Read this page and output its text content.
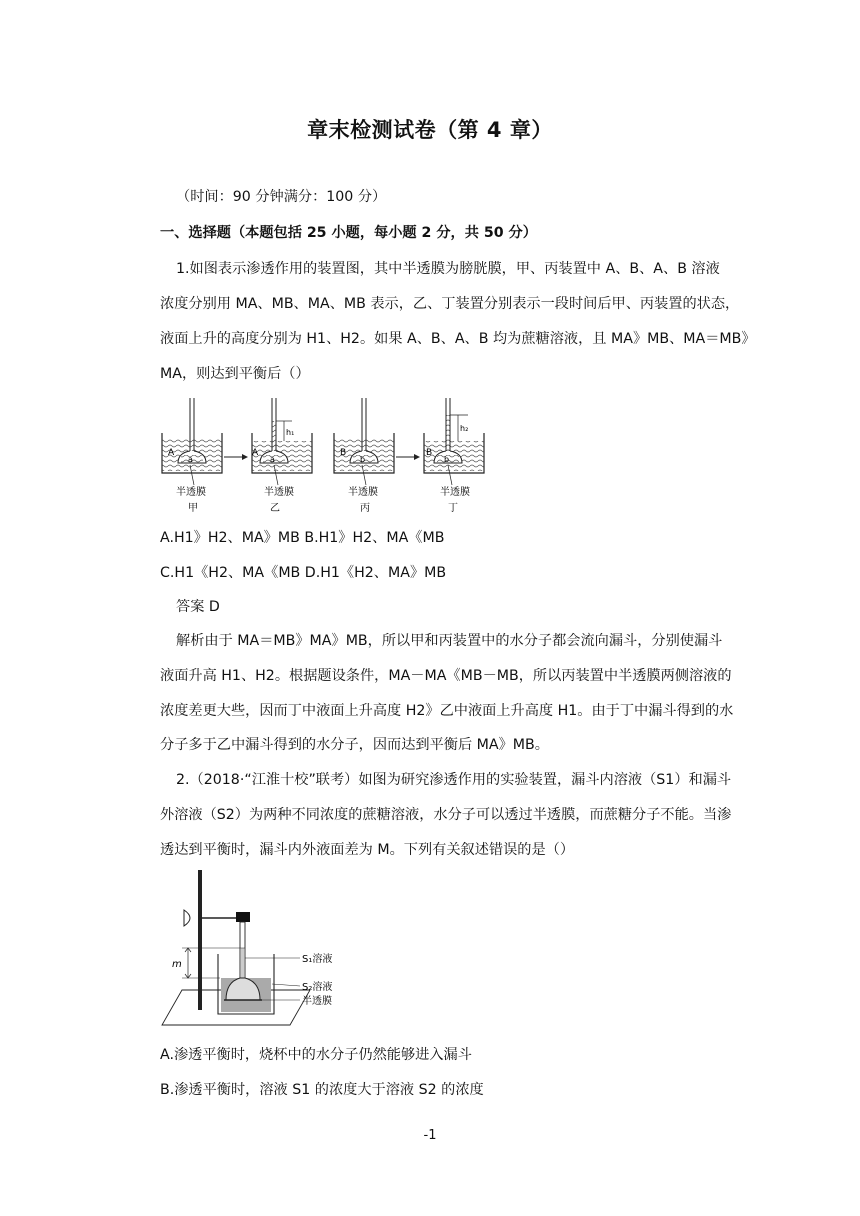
章末检测试卷（第 4 章）
（时间：90 分钟满分：100 分）
一、选择题（本题包括 25 小题，每小题 2 分，共 50 分）
1.如图表示渗透作用的装置图，其中半透膜为膀胱膜，甲、丙装置中 A、B、A、B 溶液
浓度分别用 MA、MB、MA、MB 表示，乙、丁装置分别表示一段时间后甲、丙装置的状态，
液面上升的高度分别为 H1、H2。如果 A、B、A、B 均为蔗糖溶液，且 MA》MB、MA＝MB》
MA，则达到平衡后（）
A
a
半透膜
甲
h₁
A
a
半透膜
乙
B
b
半透膜
丙
h₂
B
b
半透膜
丁
A.H1》H2、MA》MB B.H1》H2、MA《MB
C.H1《H2、MA《MB D.H1《H2、MA》MB
答案 D
解析由于 MA＝MB》MA》MB，所以甲和丙装置中的水分子都会流向漏斗，分别使漏斗
液面升高 H1、H2。根据题设条件，MA－MA《MB－MB，所以丙装置中半透膜两侧溶液的
浓度差更大些，因而丁中液面上升高度 H2》乙中液面上升高度 H1。由于丁中漏斗得到的水
分子多于乙中漏斗得到的水分子，因而达到平衡后 MA》MB。
2.（2018·“江淮十校”联考）如图为研究渗透作用的实验装置，漏斗内溶液（S1）和漏斗
外溶液（S2）为两种不同浓度的蔗糖溶液，水分子可以透过半透膜，而蔗糖分子不能。当渗
透达到平衡时，漏斗内外液面差为 M。下列有关叙述错误的是（）
m	S₁溶液
S₂溶液
半透膜
A.渗透平衡时，烧杯中的水分子仍然能够进入漏斗
B.渗透平衡时，溶液 S1 的浓度大于溶液 S2 的浓度
-1
